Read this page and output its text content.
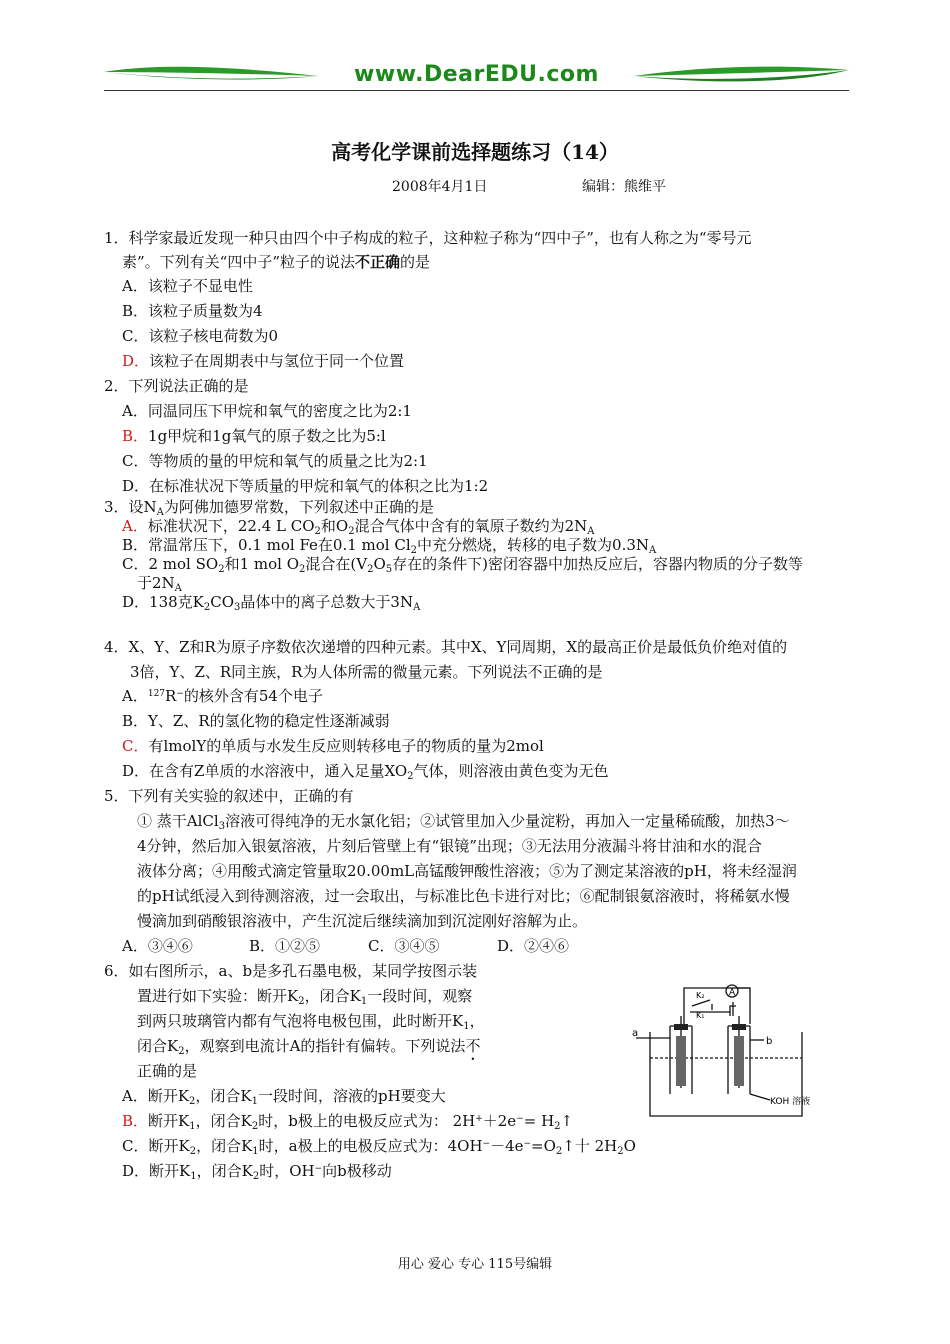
www.DearEDU.com
高考化学课前选择题练习（14）
2008年4月1日	编辑：熊维平
1．科学家最近发现一种只由四个中子构成的粒子，这种粒子称为“四中子”，也有人称之为“零号元
素”。下列有关“四中子”粒子的说法不正确的是
A．该粒子不显电性
B．该粒子质量数为4
C．该粒子核电荷数为0
D．该粒子在周期表中与氢位于同一个位置
2．下列说法正确的是
A．同温同压下甲烷和氧气的密度之比为2:1
B．1g甲烷和1g氧气的原子数之比为5:l
C．等物质的量的甲烷和氧气的质量之比为2:1
D．在标准状况下等质量的甲烷和氧气的体积之比为1:2
3．设$N_A$为阿佛加德罗常数，下列叙述中正确的是
A．标准状况下，22.4 L $CO_2$和$O_2$混合气体中含有的氧原子数约为$2N_A$
B．常温常压下，0.1 mol Fe在0.1 mol $Cl_2$中充分燃烧，转移的电子数为$0.3N_A$
C．2 mol $SO_2$和1 mol $O_2$混合在($V_2O_5$存在的条件下)密闭容器中加热反应后，容器内物质的分子数等
于$2N_A$
D．138克$K_2CO_3$晶体中的离子总数大于$3N_A$
4．X、Y、Z和R为原子序数依次递增的四种元素。其中X、Y同周期，X的最高正价是最低负价绝对值的
3倍，Y、Z、R同主族，R为人体所需的微量元素。下列说法不正确的是
A．$^{127}$R−的核外含有54个电子
B．Y、Z、R的氢化物的稳定性逐渐减弱
C．有lmolY的单质与水发生反应则转移电子的物质的量为2mol
D．在含有Z单质的水溶液中，通入足量$XO_2$气体，则溶液由黄色变为无色
5．下列有关实验的叙述中，正确的有
① 蒸干AlCl$_3$溶液可得纯净的无水氯化铝；②试管里加入少量淀粉，再加入一定量稀硫酸，加热3～
4分钟，然后加入银氨溶液，片刻后管壁上有“银镜”出现；③无法用分液漏斗将甘油和水的混合
液体分离；④用酸式滴定管量取20.00mL高锰酸钾酸性溶液；⑤为了测定某溶液的pH，将未经湿润
的pH试纸浸入到待测溶液，过一会取出，与标准比色卡进行对比；⑥配制银氨溶液时，将稀氨水慢
慢滴加到硝酸银溶液中，产生沉淀后继续滴加到沉淀刚好溶解为止。
A．③④⑥	B．①②⑤	C．③④⑤	D．②④⑥
6．如右图所示，a、b是多孔石墨电极，某同学按图示装
置进行如下实验：断开$K_2$，闭合$K_1$一段时间，观察
到两只玻璃管内都有气泡将电极包围，此时断开$K_1$，
闭合$K_2$，观察到电流计A的指针有偏转。下列说法不
正确的是
A．断开$K_2$，闭合$K_1$一段时间，溶液的pH要变大
B．断开$K_1$，闭合$K_2$时，b极上的电极反应式为： $2H^++2e^-= H_2↑$
C．断开$K_2$，闭合$K_1$时，a极上的电极反应式为：$4OH^--4e^-=O_2↑$十 $2H_2O$
D．断开$K_1$，闭合$K_2$时，OH−向b极移动
A
K₂
K₁
a
b
KOH 溶液
用心 爱心 专心 115号编辑
